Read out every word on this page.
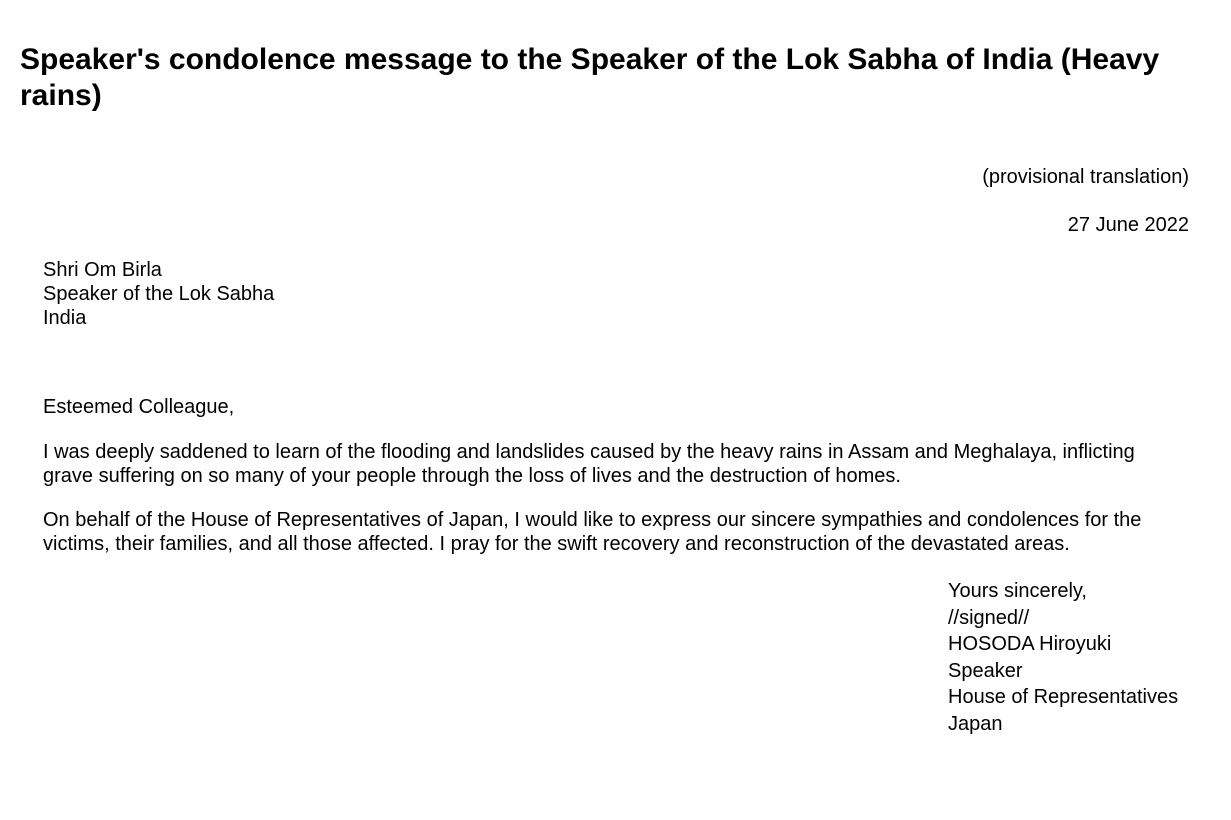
Speaker's condolence message to the Speaker of the Lok Sabha of India (Heavy rains)
(provisional translation)
27 June 2022
Shri Om Birla
Speaker of the Lok Sabha
India

Esteemed Colleague,

I was deeply saddened to learn of the flooding and landslides caused by the heavy rains in Assam and Meghalaya, inflicting grave suffering on so many of your people through the loss of lives and the destruction of homes.

On behalf of the House of Representatives of Japan, I would like to express our sincere sympathies and condolences for the victims, their families, and all those affected. I pray for the swift recovery and reconstruction of the devastated areas.

Yours sincerely,
//signed//
HOSODA Hiroyuki
Speaker
House of Representatives
Japan
